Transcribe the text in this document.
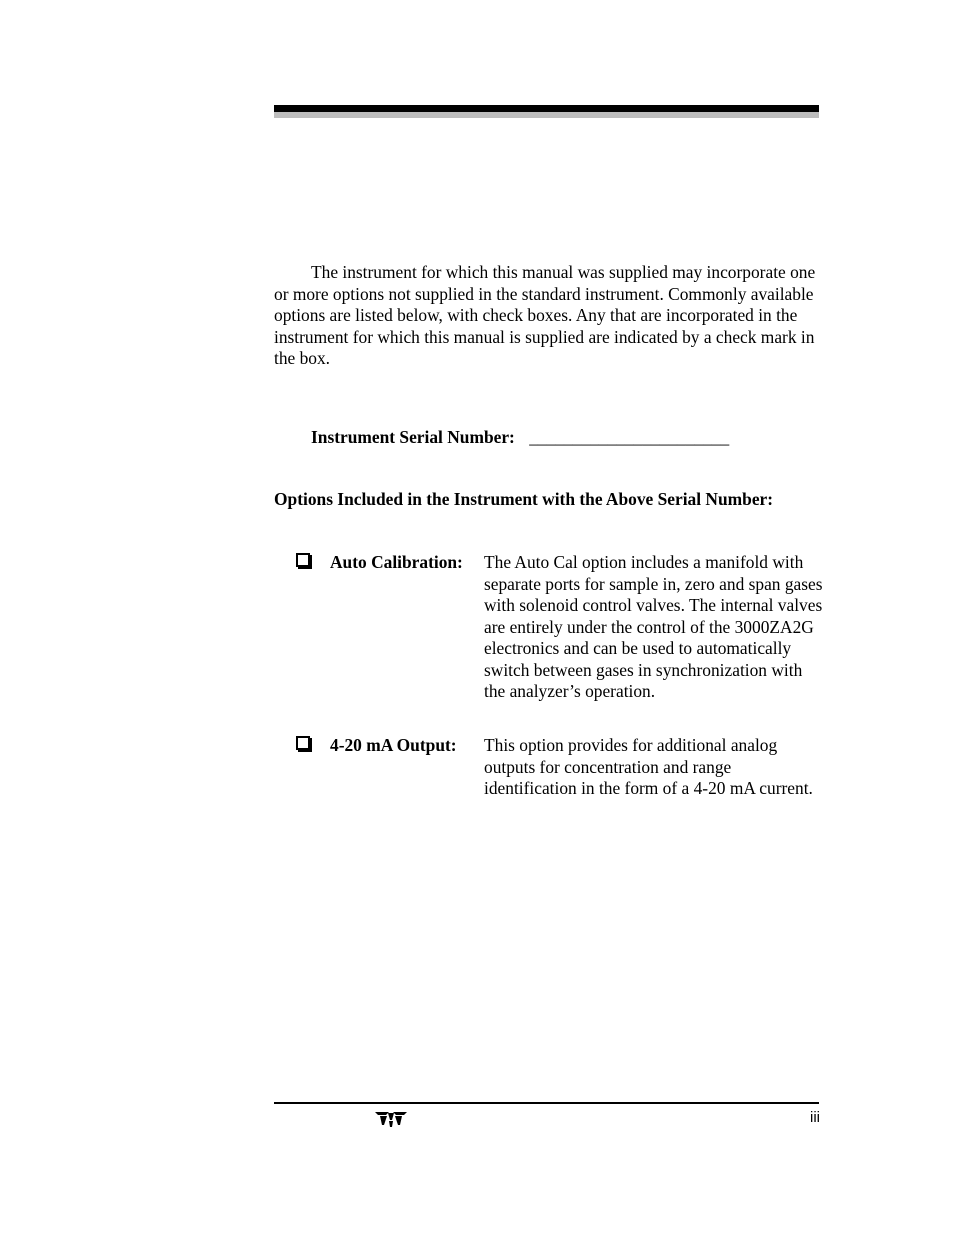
The instrument for which this manual was supplied may incorporate one or more options not supplied in the standard instrument. Commonly available options are listed below, with check boxes. Any that are incorporated in the instrument for which this manual is supplied are indicated by a check mark in the box.

Instrument Serial Number: _______________________

Options Included in the Instrument with the Above Serial Number:

Auto Calibration: The Auto Cal option includes a manifold with separate ports for sample in, zero and span gases with solenoid control valves. The internal valves are entirely under the control of the 3000ZA2G electronics and can be used to automatically switch between gases in synchronization with the analyzer’s operation.

4-20 mA Output: This option provides for additional analog outputs for concentration and range identification in the form of a 4-20 mA current.

iii
